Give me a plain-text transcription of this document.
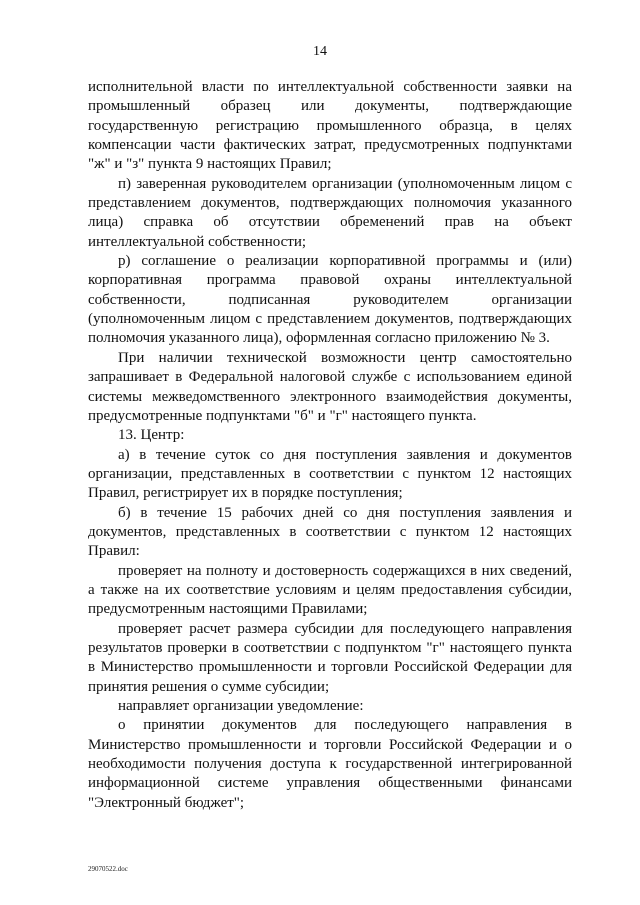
14

исполнительной власти по интеллектуальной собственности заявки на промышленный образец или документы, подтверждающие государственную регистрацию промышленного образца, в целях компенсации части фактических затрат, предусмотренных подпунктами "ж" и "з" пункта 9 настоящих Правил;

п) заверенная руководителем организации (уполномоченным лицом с представлением документов, подтверждающих полномочия указанного лица) справка об отсутствии обременений прав на объект интеллектуальной собственности;

р) соглашение о реализации корпоративной программы и (или) корпоративная программа правовой охраны интеллектуальной собственности, подписанная руководителем организации (уполномоченным лицом с представлением документов, подтверждающих полномочия указанного лица), оформленная согласно приложению № 3.

При наличии технической возможности центр самостоятельно запрашивает в Федеральной налоговой службе с использованием единой системы межведомственного электронного взаимодействия документы, предусмотренные подпунктами "б" и "г" настоящего пункта.

13. Центр:

а) в течение суток со дня поступления заявления и документов организации, представленных в соответствии с пунктом 12 настоящих Правил, регистрирует их в порядке поступления;

б) в течение 15 рабочих дней со дня поступления заявления и документов, представленных в соответствии с пунктом 12 настоящих Правил:

проверяет на полноту и достоверность содержащихся в них сведений, а также на их соответствие условиям и целям предоставления субсидии, предусмотренным настоящими Правилами;

проверяет расчет размера субсидии для последующего направления результатов проверки в соответствии с подпунктом "г" настоящего пункта в Министерство промышленности и торговли Российской Федерации для принятия решения о сумме субсидии;

направляет организации уведомление:

о принятии документов для последующего направления в Министерство промышленности и торговли Российской Федерации и о необходимости получения доступа к государственной интегрированной информационной системе управления общественными финансами "Электронный бюджет";

29070522.doc
